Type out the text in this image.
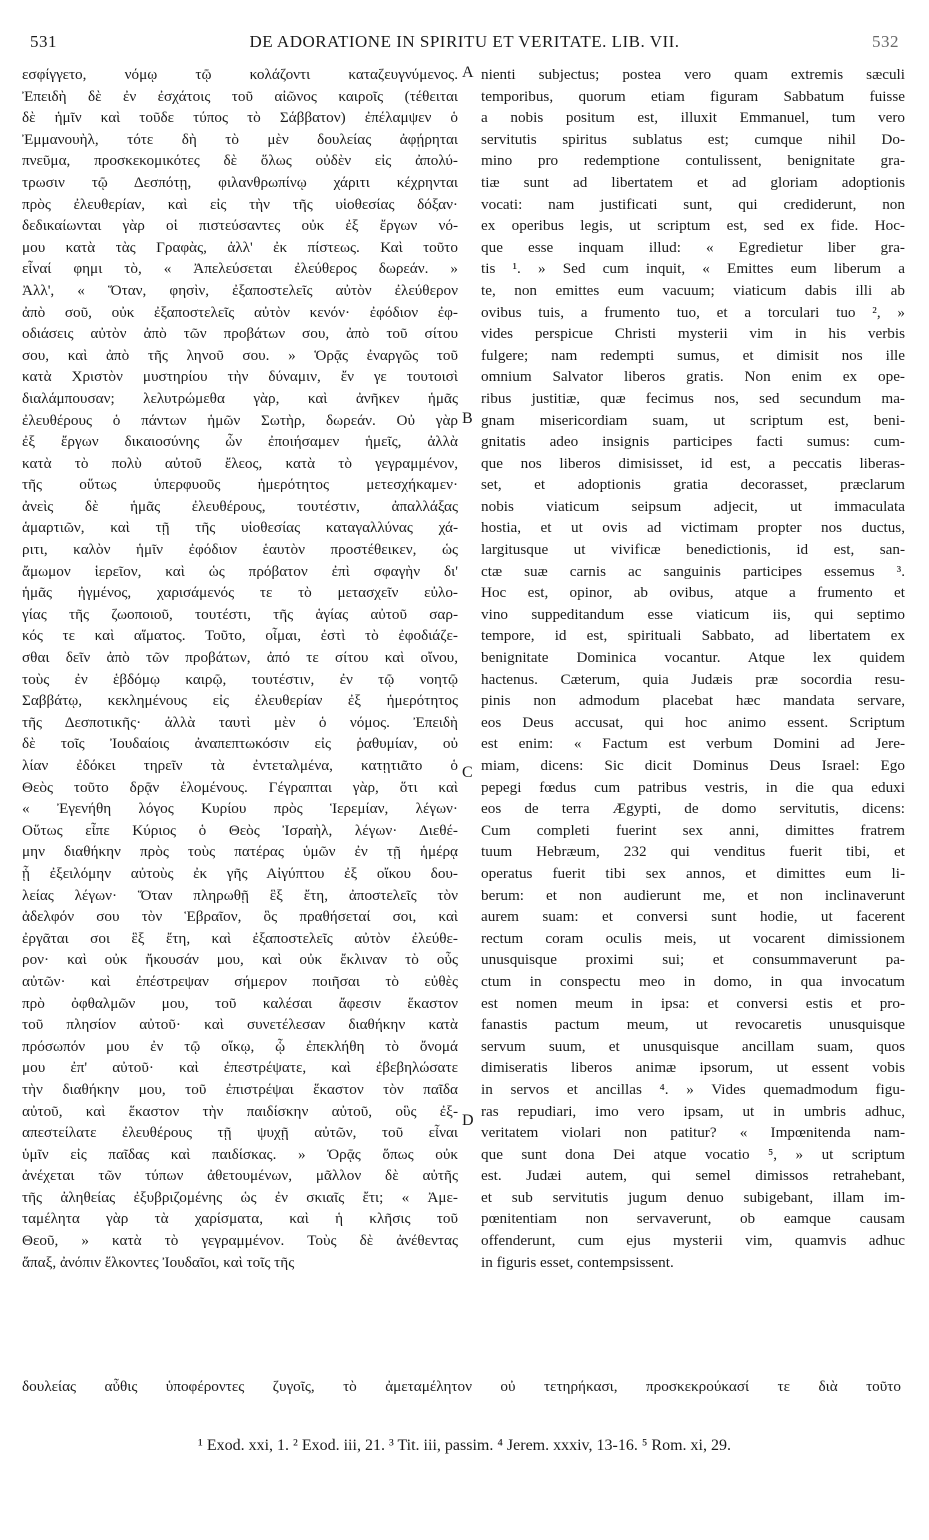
531	DE ADORATIONE IN SPIRITU ET VERITATE. LIB. VII.	532
εσφίγγετο, νόμῳ τῷ κολάζοντι καταζευγνύμενος.
Ἐπειδὴ δὲ ἐν ἐσχάτοις τοῦ αἰῶνος καιροῖς (τέθειται
δὲ ἡμῖν καὶ τοῦδε τύπος τὸ Σάββατον) ἐπέλαμψεν ὁ
Ἐμμανουὴλ, τότε δὴ τὸ μὲν δουλείας ἀφῄρηται
πνεῦμα, προσκεκομικότες δὲ ὅλως οὐδὲν εἰς ἀπολύ-
τρωσιν τῷ Δεσπότῃ, φιλανθρωπίνῳ χάριτι κέχρηνται
πρὸς ἐλευθερίαν, καὶ εἰς τὴν τῆς υἱοθεσίας δόξαν·
δεδικαίωνται γὰρ οἱ πιστεύσαντες οὐκ ἐξ ἔργων νό-
μου κατὰ τὰς Γραφὰς, ἀλλ' ἐκ πίστεως. Καὶ τοῦτο
εἶναί φημι τὸ, « Ἀπελεύσεται ἐλεύθερος δωρεάν. »
Ἀλλ', « Ὅταν, φησὶν, ἐξαποστελεῖς αὐτὸν ἐλεύθερον
ἀπὸ σοῦ, οὐκ ἐξαποστελεῖς αὐτὸν κενόν· ἐφόδιον ἐφ-
οδιάσεις αὐτὸν ἀπὸ τῶν προβάτων σου, ἀπὸ τοῦ σίτου
σου, καὶ ἀπὸ τῆς ληνοῦ σου. » Ὁρᾷς ἐναργῶς τοῦ
κατὰ Χριστὸν μυστηρίου τὴν δύναμιν, ἔν γε τουτοισὶ
διαλάμπουσαν; λελυτρώμεθα γὰρ, καὶ ἀνῆκεν ἡμᾶς
ἐλευθέρους ὁ πάντων ἡμῶν Σωτὴρ, δωρεάν. Οὐ γὰρ
ἐξ ἔργων δικαιοσύνης ὧν ἐποιήσαμεν ἡμεῖς, ἀλλὰ
κατὰ τὸ πολὺ αὐτοῦ ἔλεος, κατὰ τὸ γεγραμμένον,
τῆς οὕτως ὑπερφυοῦς ἡμερότητος μετεσχήκαμεν·
ἀνεὶς δὲ ἡμᾶς ἐλευθέρους, τουτέστιν, ἀπαλλάξας
ἁμαρτιῶν, καὶ τῇ τῆς υἱοθεσίας καταγαλλύνας χά-
ριτι, καλὸν ἡμῖν ἐφόδιον ἑαυτὸν προστέθεικεν, ὡς
ἄμωμον ἱερεῖον, καὶ ὡς πρόβατον ἐπὶ σφαγὴν δι'
ἡμᾶς ἠγμένος, χαρισάμενός τε τὸ μετασχεῖν εὐλο-
γίας τῆς ζωοποιοῦ, τουτέστι, τῆς ἁγίας αὐτοῦ σαρ-
κός τε καὶ αἵματος. Τοῦτο, οἶμαι, ἐστὶ τὸ ἐφοδιάζε-
σθαι δεῖν ἀπὸ τῶν προβάτων, ἀπό τε σίτου καὶ οἴνου,
τοὺς ἐν ἑβδόμῳ καιρῷ, τουτέστιν, ἐν τῷ νοητῷ
Σαββάτῳ, κεκλημένους εἰς ἐλευθερίαν ἐξ ἡμερότητος
τῆς Δεσποτικῆς· ἀλλὰ ταυτὶ μὲν ὁ νόμος. Ἐπειδὴ
δὲ τοῖς Ἰουδαίοις ἀναπεπτωκόσιν εἰς ῥαθυμίαν, οὐ
λίαν ἐδόκει τηρεῖν τὰ ἐντεταλμένα, κατῃτιᾶτο ὁ
Θεὸς τοῦτο δρᾷν ἑλομένους. Γέγραπται γὰρ, ὅτι καὶ
« Ἐγενήθη λόγος Κυρίου πρὸς Ἱερεμίαν, λέγων·
Οὕτως εἶπε Κύριος ὁ Θεὸς Ἰσραὴλ, λέγων· Διεθέ-
μην διαθήκην πρὸς τοὺς πατέρας ὑμῶν ἐν τῇ ἡμέρᾳ
ᾗ ἐξειλόμην αὐτοὺς ἐκ γῆς Αἰγύπτου ἐξ οἴκου δου-
λείας λέγων· Ὅταν πληρωθῇ ἓξ ἔτη, ἀποστελεῖς τὸν
ἀδελφόν σου τὸν Ἑβραῖον, ὃς πραθήσεταί σοι, καὶ
ἐργᾶται σοι ἓξ ἔτη, καὶ ἐξαποστελεῖς αὐτὸν ἐλεύθε-
ρον· καὶ οὐκ ἤκουσάν μου, καὶ οὐκ ἔκλιναν τὸ οὖς
αὐτῶν· καὶ ἐπέστρεψαν σήμερον ποιῆσαι τὸ εὐθὲς
πρὸ ὀφθαλμῶν μου, τοῦ καλέσαι ἄφεσιν ἕκαστον
τοῦ πλησίον αὐτοῦ· καὶ συνετέλεσαν διαθήκην κατὰ
πρόσωπόν μου ἐν τῷ οἴκῳ, ᾧ ἐπεκλήθη τὸ ὄνομά
μου ἐπ' αὐτοῦ· καὶ ἐπεστρέψατε, καὶ ἐβεβηλώσατε
τὴν διαθήκην μου, τοῦ ἐπιστρέψαι ἕκαστον τὸν παῖδα
αὐτοῦ, καὶ ἕκαστον τὴν παιδίσκην αὐτοῦ, οὓς ἐξ-
απεστείλατε ἐλευθέρους τῇ ψυχῇ αὐτῶν, τοῦ εἶναι
ὑμῖν εἰς παῖδας καὶ παιδίσκας. » Ὁρᾷς ὅπως οὐκ
ἀνέχεται τῶν τύπων ἀθετουμένων, μᾶλλον δὲ αὐτῆς
τῆς ἀληθείας ἐξυβριζομένης ὡς ἐν σκιαῖς ἔτι; « Ἀμε-
ταμέλητα γὰρ τὰ χαρίσματα, καὶ ἡ κλῆσις τοῦ
Θεοῦ, » κατὰ τὸ γεγραμμένον. Τοὺς δὲ ἀνέθεντας
ἅπαξ, ἀνόπιν ἕλκοντες Ἰουδαῖοι, καὶ τοῖς τῆς
nienti subjectus; postea vero quam extremis sæculi
temporibus, quorum etiam figuram Sabbatum fuisse
a nobis positum est, illuxit Emmanuel, tum vero
servitutis spiritus sublatus est; cumque nihil Do-
mino pro redemptione contulissent, benignitate gra-
tiæ sunt ad libertatem et ad gloriam adoptionis
vocati: nam justificati sunt, qui crediderunt, non
ex operibus legis, ut scriptum est, sed ex fide. Hoc-
que esse inquam illud: « Egredietur liber gra-
tis ¹. » Sed cum inquit, « Emittes eum liberum a
te, non emittes eum vacuum; viaticum dabis illi ab
ovibus tuis, a frumento tuo, et a torculari tuo ², »
vides perspicue Christi mysterii vim in his verbis
fulgere; nam redempti sumus, et dimisit nos ille
omnium Salvator liberos gratis. Non enim ex ope-
ribus justitiæ, quæ fecimus nos, sed secundum ma-
gnam misericordiam suam, ut scriptum est, beni-
gnitatis adeo insignis participes facti sumus: cum-
que nos liberos dimisisset, id est, a peccatis liberas-
set, et adoptionis gratia decorasset, præclarum
nobis viaticum seipsum adjecit, ut immaculata
hostia, et ut ovis ad victimam propter nos ductus,
largitusque ut vivificæ benedictionis, id est, san-
ctæ suæ carnis ac sanguinis participes essemus ³.
Hoc est, opinor, ab ovibus, atque a frumento et
vino suppeditandum esse viaticum iis, qui septimo
tempore, id est, spirituali Sabbato, ad libertatem ex
benignitate Dominica vocantur. Atque lex quidem
hactenus. Cæterum, quia Judæis præ socordia resu-
pinis non admodum placebat hæc mandata servare,
eos Deus accusat, qui hoc animo essent. Scriptum
est enim: « Factum est verbum Domini ad Jere-
miam, dicens: Sic dicit Dominus Deus Israel: Ego
pepegi fœdus cum patribus vestris, in die qua eduxi
eos de terra Ægypti, de domo servitutis, dicens:
Cum completi fuerint sex anni, dimittes fratrem
tuum Hebræum, 232 qui venditus fuerit tibi, et
operatus fuerit tibi sex annos, et dimittes eum li-
berum: et non audierunt me, et non inclinaverunt
aurem suam: et conversi sunt hodie, ut facerent
rectum coram oculis meis, ut vocarent dimissionem
unusquisque proximi sui; et consummaverunt pa-
ctum in conspectu meo in domo, in qua invocatum
est nomen meum in ipsa: et conversi estis et pro-
fanastis pactum meum, ut revocaretis unusquisque
servum suum, et unusquisque ancillam suam, quos
dimiseratis liberos animæ ipsorum, ut essent vobis
in servos et ancillas ⁴. » Vides quemadmodum figu-
ras repudiari, imo vero ipsam, ut in umbris adhuc,
veritatem violari non patitur? « Impœnitenda nam-
que sunt dona Dei atque vocatio ⁵, » ut scriptum
est. Judæi autem, qui semel dimissos retrahebant,
et sub servitutis jugum denuo subigebant, illam im-
pœnitentiam non servaverunt, ob eamque causam
offenderunt, cum ejus mysterii vim, quamvis adhuc
in figuris esset, contempsissent.
A
B
C
D
δουλείας αὖθις ὑποφέροντες ζυγοῖς, τὸ ἀμεταμέλητον οὐ τετηρήκασι, προσκεκρούκασί τε διὰ τοῦτο
¹ Exod. xxi, 1. ² Exod. iii, 21. ³ Tit. iii, passim. ⁴ Jerem. xxxiv, 13-16. ⁵ Rom. xi, 29.
